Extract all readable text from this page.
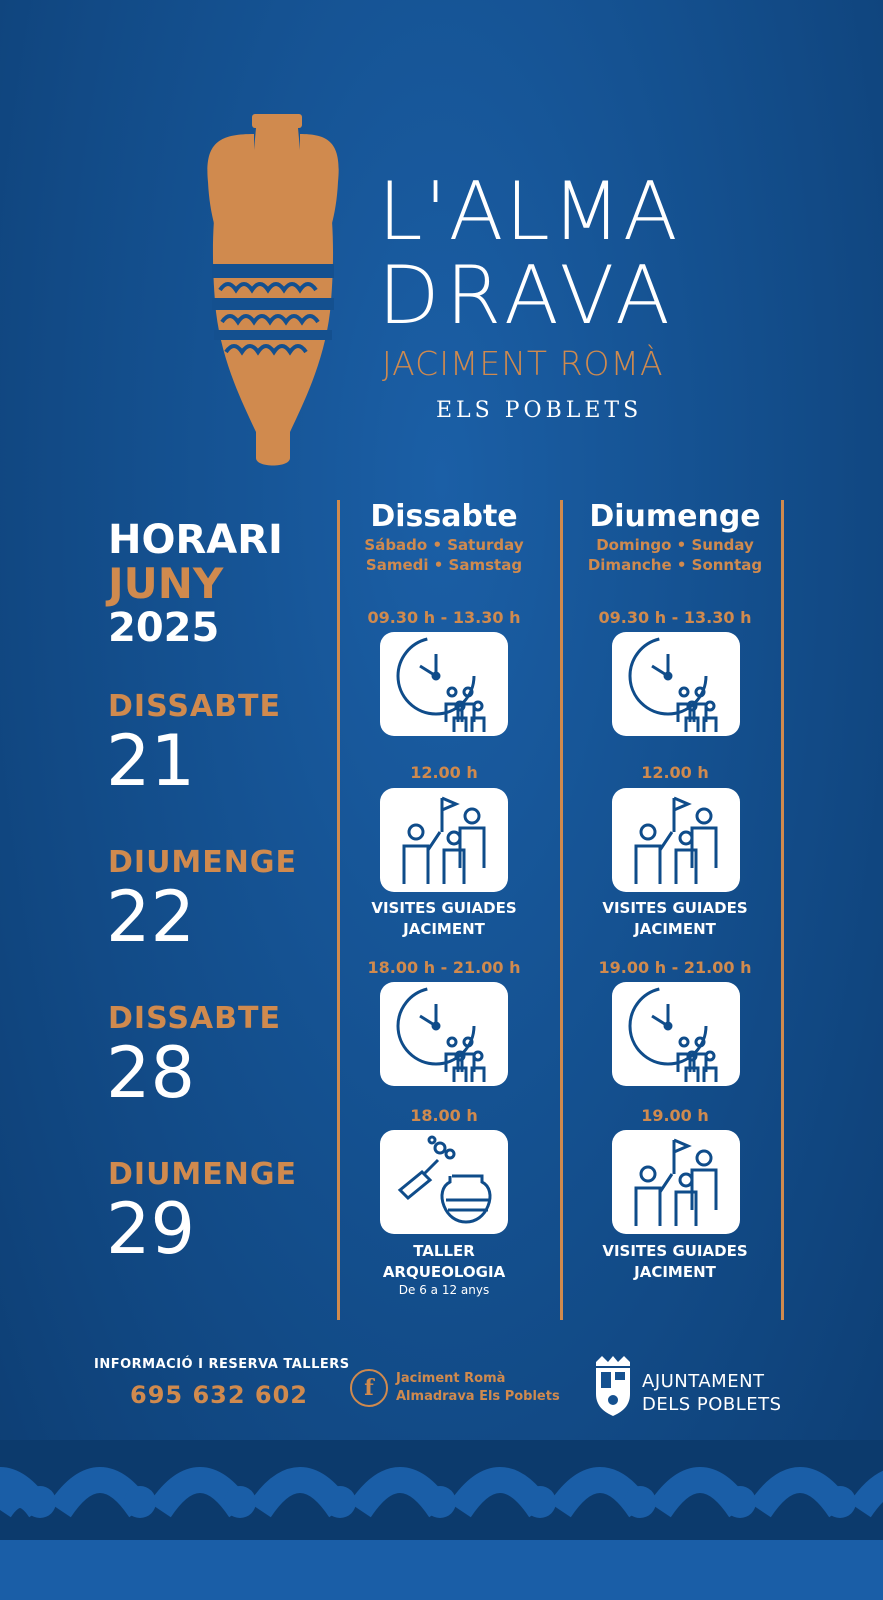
L'ALMA
DRAVA
JACIMENT ROMÀ
ELS POBLETS
HORARI
JUNY
2025
DISSABTE
21
DIUMENGE
22
DISSABTE
28
DIUMENGE
29
Dissabte
Sábado • Saturday
Samedi • Samstag
09.30 h - 13.30 h
12.00 h
VISITES GUIADES
JACIMENT
18.00 h - 21.00 h
18.00 h
TALLER
ARQUEOLOGIA
De 6 a 12 anys
Diumenge
Domingo • Sunday
Dimanche • Sonntag
09.30 h - 13.30 h
12.00 h
VISITES GUIADES
JACIMENT
19.00 h - 21.00 h
19.00 h
VISITES GUIADES
JACIMENT
INFORMACIÓ I RESERVA TALLERS
695 632 602	f	Jaciment Romà
Almadrava Els Poblets
AJUNTAMENT
DELS POBLETS
